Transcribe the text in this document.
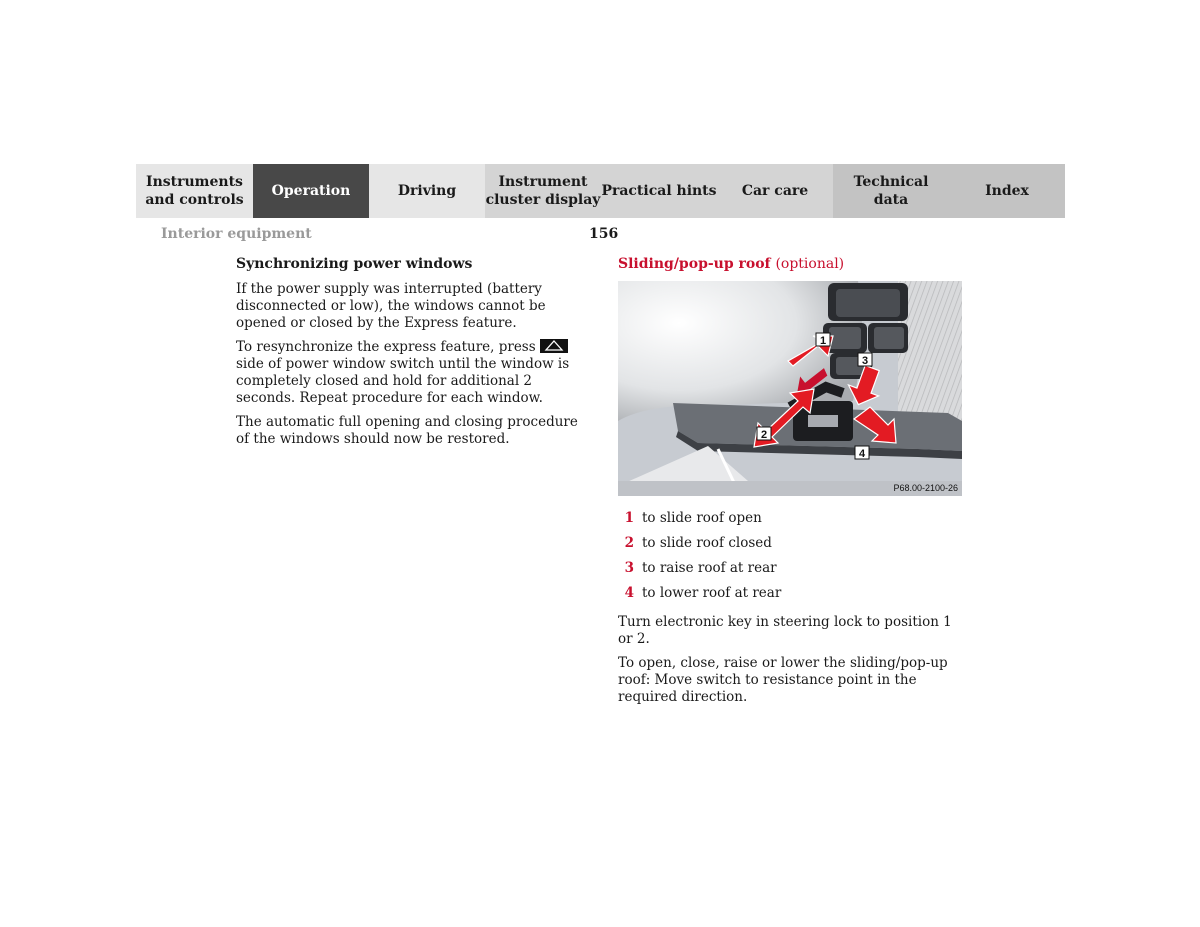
Instruments
and controls
Operation	Driving
Instrument
cluster display
Practical hints	Car care
Technical
data
Index
Interior equipment	156
Synchronizing power windows

If the power supply was interrupted (battery disconnected or low), the windows cannot be opened or closed by the Express feature.

To resynchronize the express feature, press  side of power window switch until the window is completely closed and hold for additional 2 seconds. Repeat procedure for each window.

The automatic full opening and closing procedure of the windows should now be restored.

Sliding/pop-up roof (optional)
1
2
3
4
P68.00-2100-26
1 to slide roof open
2 to slide roof closed
3 to raise roof at rear
4 to lower roof at rear

Turn electronic key in steering lock to position 1 or 2.

To open, close, raise or lower the sliding/pop-up roof: Move switch to resistance point in the required direction.
